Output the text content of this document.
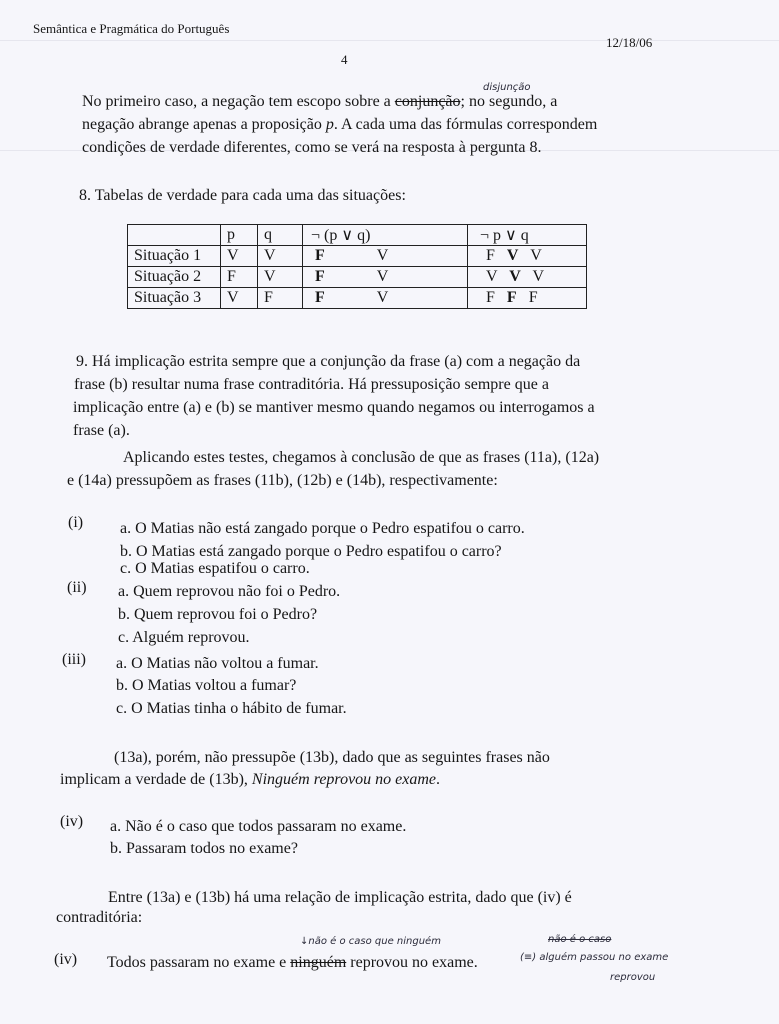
Semântica e Pragmática do Português
12/18/06
4
disjunção
No primeiro caso, a negação tem escopo sobre a conjunção; no segundo, a
negação abrange apenas a proposição p. A cada uma das fórmulas correspondem
condições de verdade diferentes, como se verá na resposta à pergunta 8.
8. Tabelas de verdade para cada uma das situações:
	p	q	¬ (p ∨ q)	¬ p ∨ q
Situação 1	V	V	F V	F V V
Situação 2	F	V	F V	V V V
Situação 3	V	F	F V	F F F
9. Há implicação estrita sempre que a conjunção da frase (a) com a negação da
frase (b) resultar numa frase contraditória. Há pressuposição sempre que a
implicação entre (a) e (b) se mantiver mesmo quando negamos ou interrogamos a
frase (a).
Aplicando estes testes, chegamos à conclusão de que as frases (11a), (12a)
e (14a) pressupõem as frases (11b), (12b) e (14b), respectivamente:
(i) a. O Matias não está zangado porque o Pedro espatifou o carro.
b. O Matias está zangado porque o Pedro espatifou o carro?
c. O Matias espatifou o carro.
(ii) a. Quem reprovou não foi o Pedro.
b. Quem reprovou foi o Pedro?
c. Alguém reprovou.
(iii) a. O Matias não voltou a fumar.
b. O Matias voltou a fumar?
c. O Matias tinha o hábito de fumar.
(13a), porém, não pressupõe (13b), dado que as seguintes frases não
implicam a verdade de (13b), Ninguém reprovou no exame.
(iv) a. Não é o caso que todos passaram no exame.
b. Passaram todos no exame?
Entre (13a) e (13b) há uma relação de implicação estrita, dado que (iv) é
contraditória:
↓não é o caso que ninguém	não é o caso
(iv) Todos passaram no exame e ninguém reprovou no exame.	(≡) alguém passou no exame
reprovou
